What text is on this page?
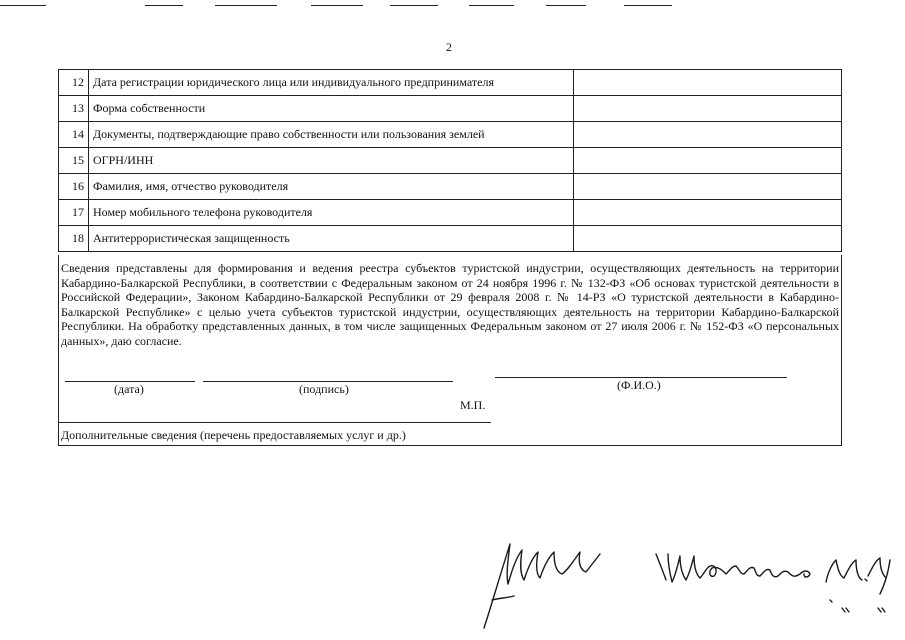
2
12	Дата регистрации юридического лица или индивидуального предпринимателя	
13	Форма собственности	
14	Документы, подтверждающие право собственности или пользования землей	
15	ОГРН/ИНН	
16	Фамилия, имя, отчество руководителя	
17	Номер мобильного телефона руководителя	
18	Антитеррористическая защищенность	
Сведения представлены для формирования и ведения реестра субъектов туристской индустрии, осуществляющих деятельность на территории Кабардино-Балкарской Республики, в соответствии с Федеральным законом от 24 ноября 1996 г. № 132-ФЗ «Об основах туристской деятельности в Российской Федерации», Законом Кабардино-Балкарской Республики от 29 февраля 2008 г. № 14-РЗ «О туристской деятельности в Кабардино-Балкарской Республике» с целью учета субъектов туристской индустрии, осуществляющих деятельность на территории Кабардино-Балкарской Республики. На обработку представленных данных, в том числе защищенных Федеральным законом от 27 июля 2006 г. № 152-ФЗ «О персональных данных», даю согласие.
(дата)	(подпись)	(Ф.И.О.)
М.П.
Дополнительные сведения (перечень предоставляемых услуг и др.)
